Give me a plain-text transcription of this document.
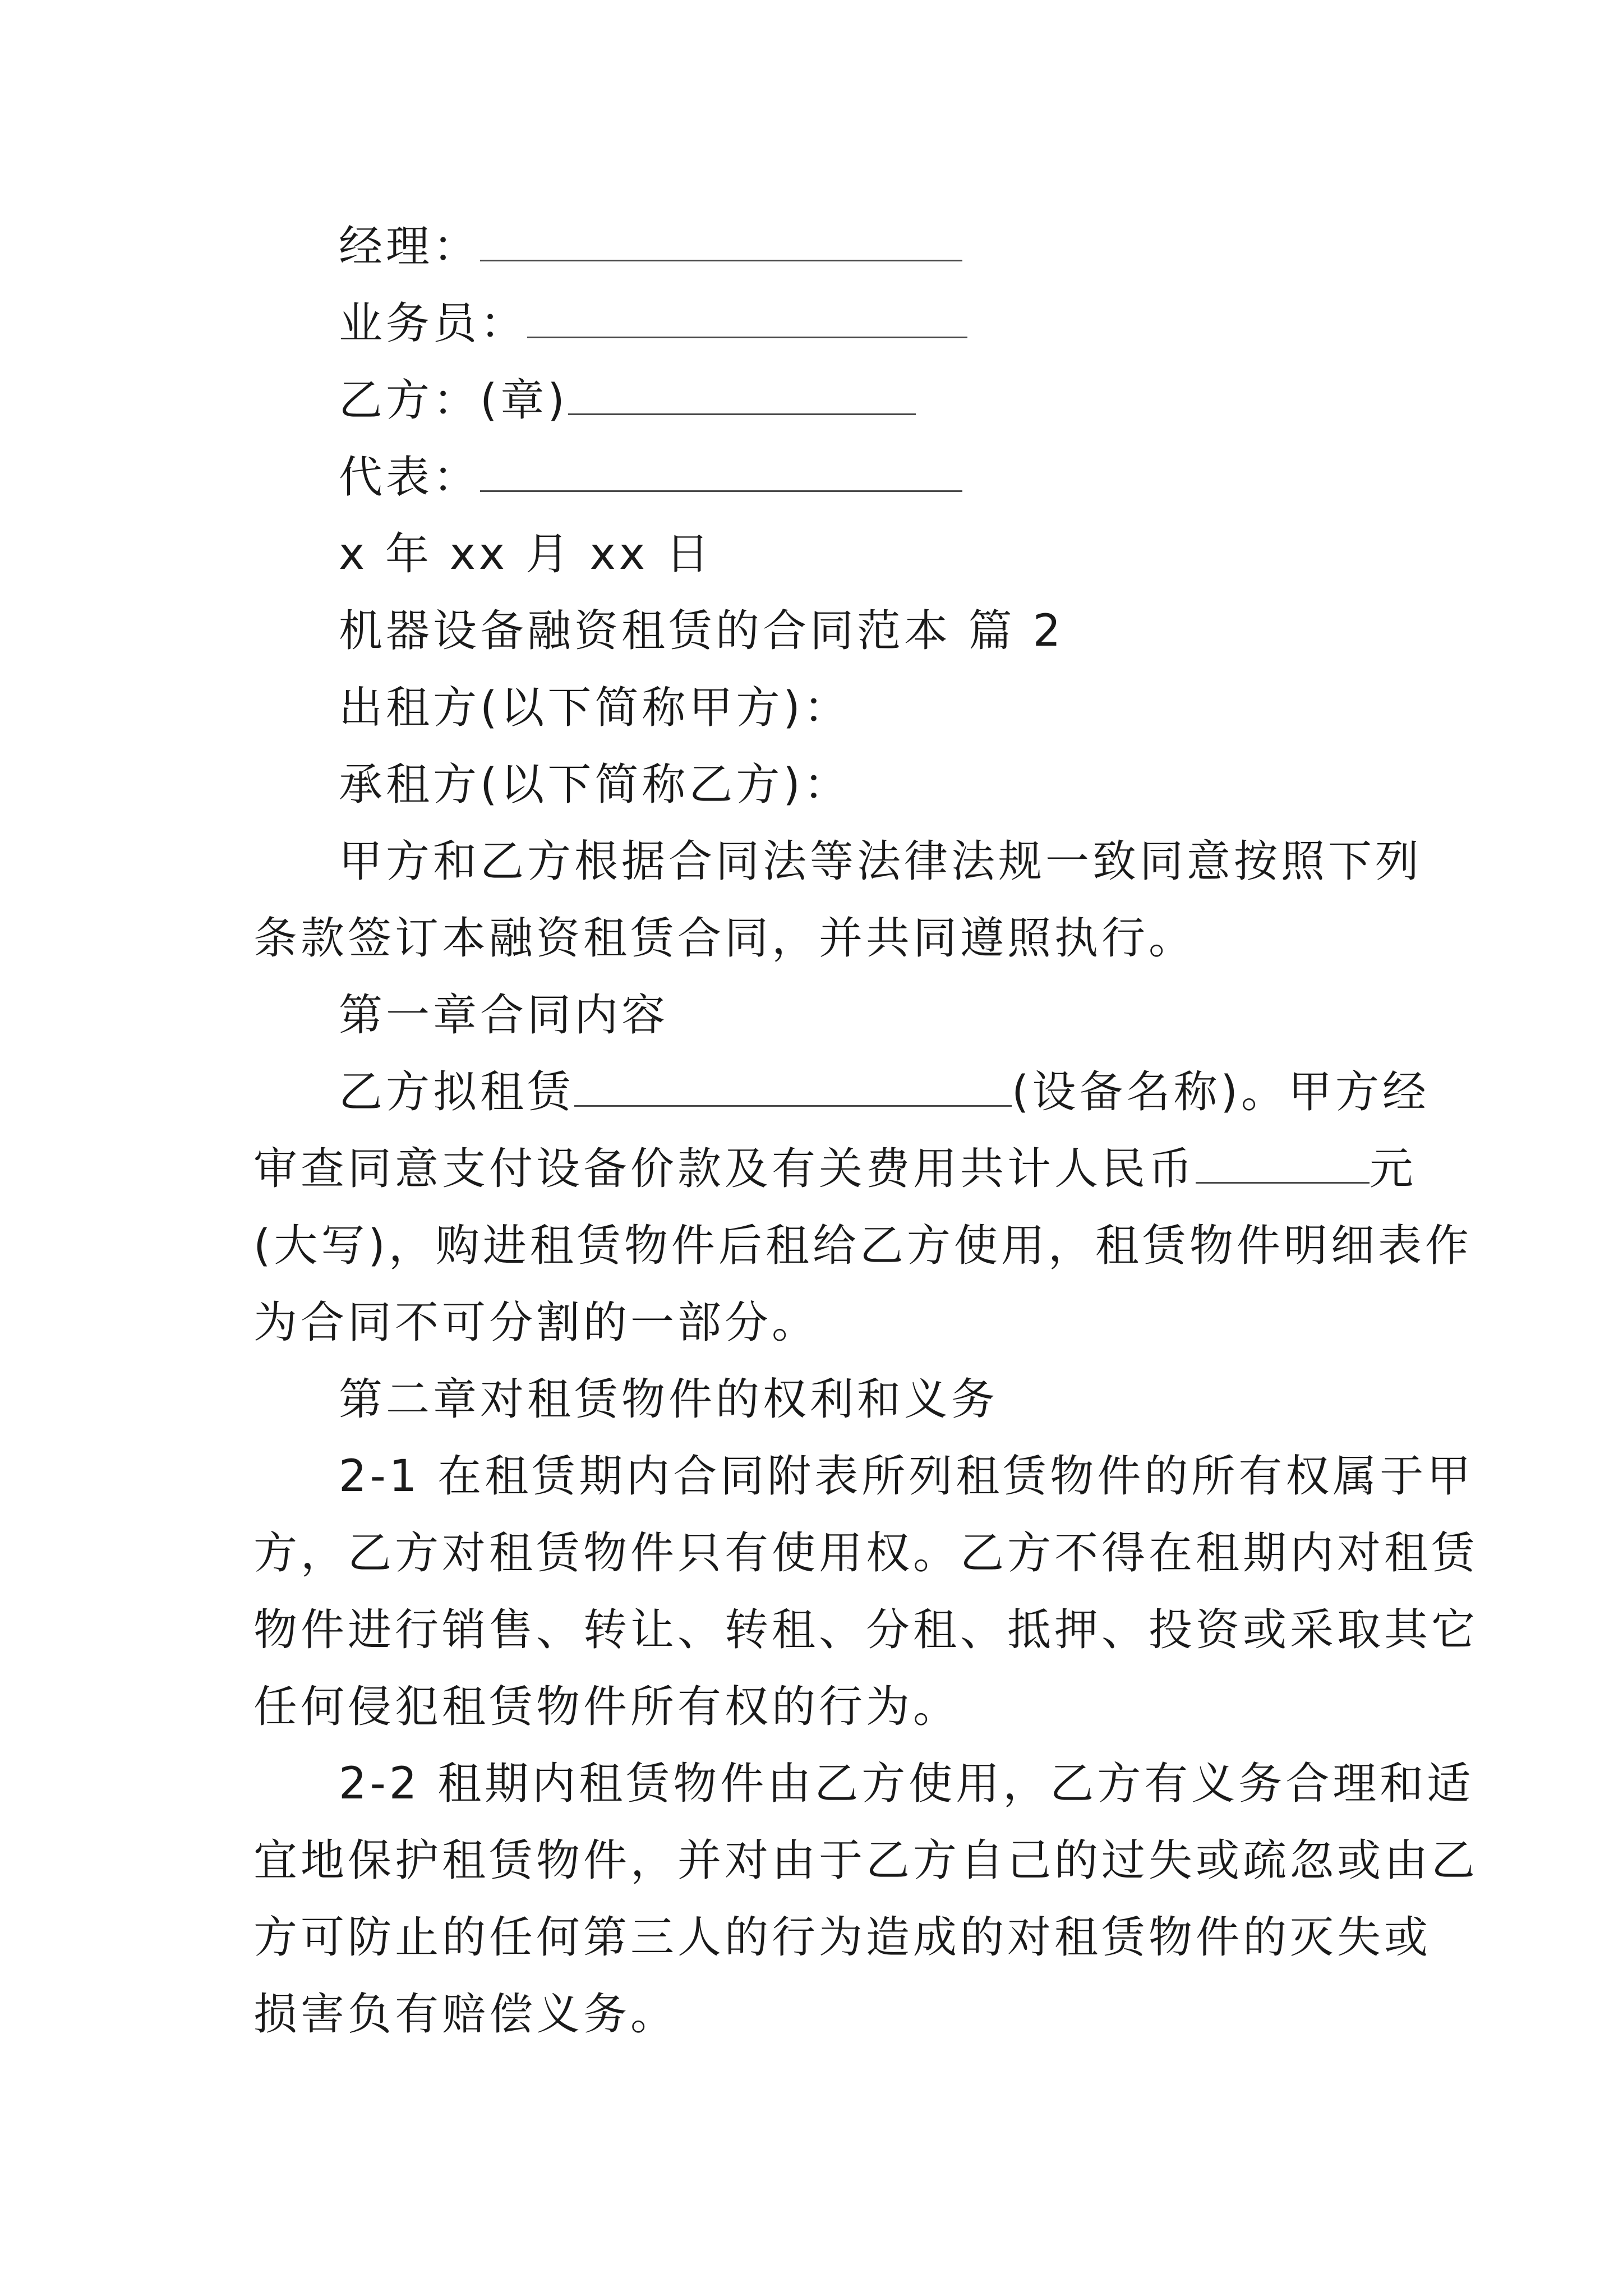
经理：
业务员：
乙方：(章)
代表：
x 年 xx 月 xx 日
机器设备融资租赁的合同范本 篇 2
出租方(以下简称甲方)：
承租方(以下简称乙方)：
甲方和乙方根据合同法等法律法规一致同意按照下列
条款签订本融资租赁合同，并共同遵照执行。
第一章合同内容
乙方拟租赁	(设备名称)。甲方经
审查同意支付设备价款及有关费用共计人民币	元
(大写)，购进租赁物件后租给乙方使用，租赁物件明细表作
为合同不可分割的一部分。
第二章对租赁物件的权利和义务
2-1 在租赁期内合同附表所列租赁物件的所有权属于甲
方，乙方对租赁物件只有使用权。乙方不得在租期内对租赁
物件进行销售、转让、转租、分租、抵押、投资或采取其它
任何侵犯租赁物件所有权的行为。
2-2 租期内租赁物件由乙方使用，乙方有义务合理和适
宜地保护租赁物件，并对由于乙方自己的过失或疏忽或由乙
方可防止的任何第三人的行为造成的对租赁物件的灭失或
损害负有赔偿义务。
